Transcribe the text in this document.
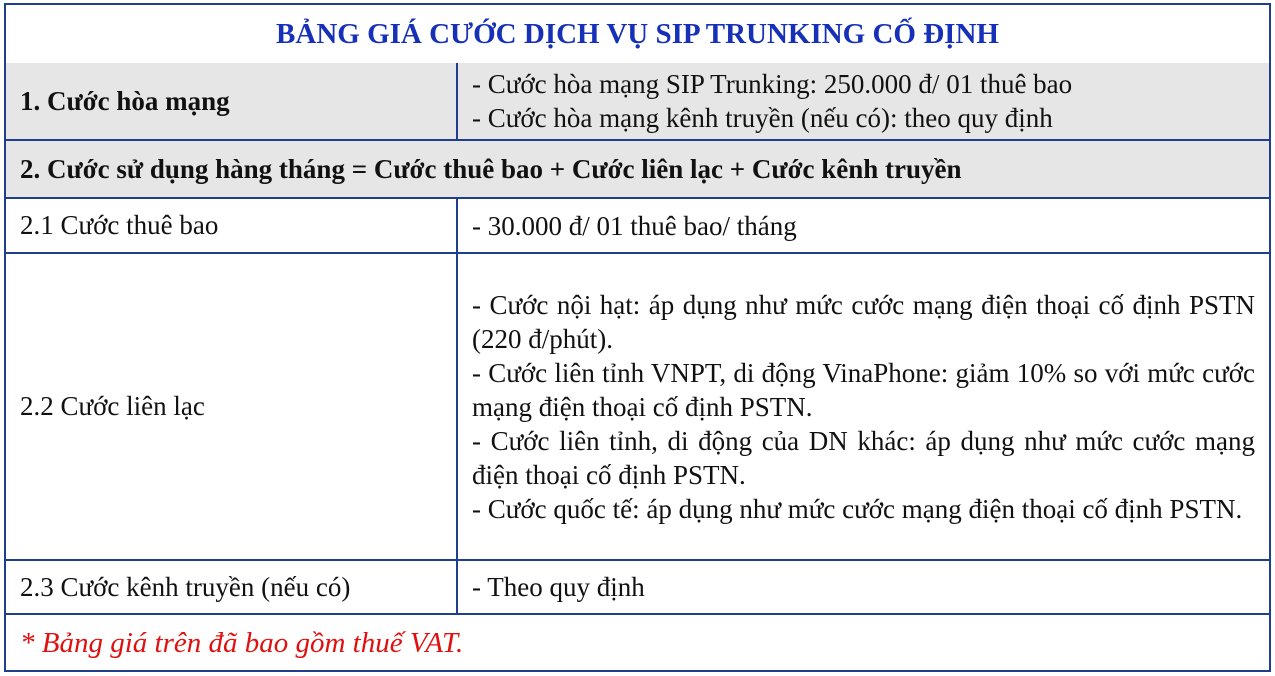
BẢNG GIÁ CƯỚC DỊCH VỤ SIP TRUNKING CỐ ĐỊNH
1. Cước hòa mạng
- Cước hòa mạng SIP Trunking: 250.000 đ/ 01 thuê bao
- Cước hòa mạng kênh truyền (nếu có): theo quy định
2. Cước sử dụng hàng tháng = Cước thuê bao + Cước liên lạc + Cước kênh truyền
2.1 Cước thuê bao	- 30.000 đ/ 01 thuê bao/ tháng
2.2 Cước liên lạc
- Cước nội hạt: áp dụng như mức cước mạng điện thoại cố định PSTN (220 đ/phút).
- Cước liên tỉnh VNPT, di động VinaPhone: giảm 10% so với mức cước mạng điện thoại cố định PSTN.
- Cước liên tỉnh, di động của DN khác: áp dụng như mức cước mạng điện thoại cố định PSTN.
- Cước quốc tế: áp dụng như mức cước mạng điện thoại cố định PSTN.
2.3 Cước kênh truyền (nếu có)	- Theo quy định
* Bảng giá trên đã bao gồm thuế VAT.
